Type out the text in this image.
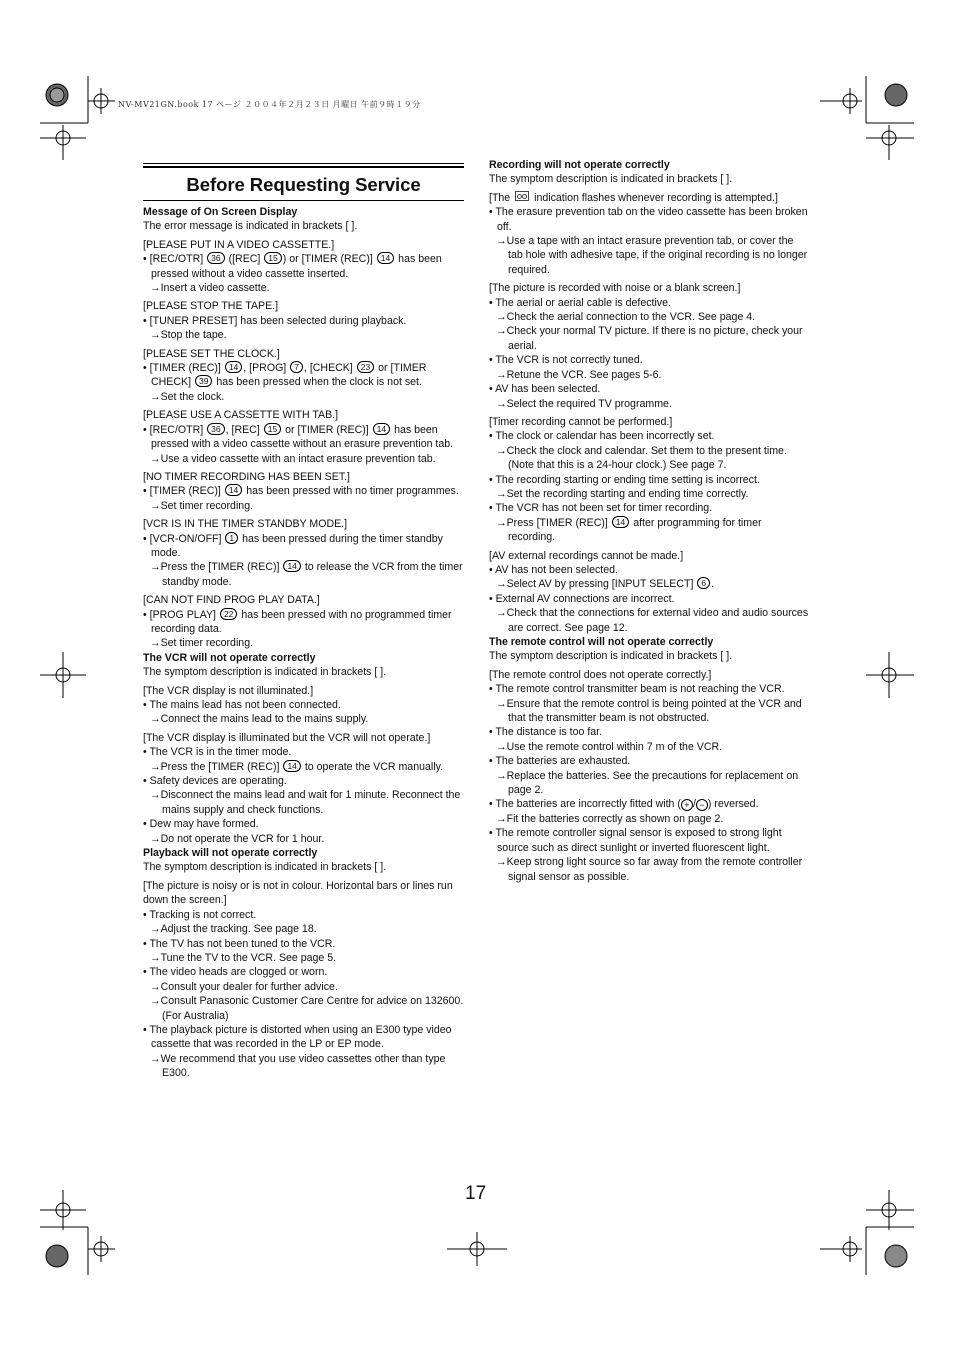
NV-MV21GN.book 17 ページ ２００４年２月２３日 月曜日 午前９時１９分
Before Requesting Service
Message of On Screen Display
The error message is indicated in brackets [ ].
[PLEASE PUT IN A VIDEO CASSETTE.]
• [REC/OTR] 36 ([REC] 15 ) or [TIMER (REC)] 14 has been pressed without a video cassette inserted.
→Insert a video cassette.
[PLEASE STOP THE TAPE.]
• [TUNER PRESET] has been selected during playback.
→Stop the tape.
[PLEASE SET THE CLOCK.]
• [TIMER (REC)] 14 , [PROG] 7 , [CHECK] 23 or [TIMER CHECK] 39 has been pressed when the clock is not set.
→Set the clock.
[PLEASE USE A CASSETTE WITH TAB.]
• [REC/OTR] 36 , [REC] 15 or [TIMER (REC)] 14 has been pressed with a video cassette without an erasure prevention tab.
→Use a video cassette with an intact erasure prevention tab.
[NO TIMER RECORDING HAS BEEN SET.]
• [TIMER (REC)] 14 has been pressed with no timer programmes.
→Set timer recording.
[VCR IS IN THE TIMER STANDBY MODE.]
• [VCR-ON/OFF] 1 has been pressed during the timer standby mode.
→Press the [TIMER (REC)] 14 to release the VCR from the timer standby mode.
[CAN NOT FIND PROG PLAY DATA.]
• [PROG PLAY] 22 has been pressed with no programmed timer recording data.
→Set timer recording.
The VCR will not operate correctly
The symptom description is indicated in brackets [ ].
[The VCR display is not illuminated.]
• The mains lead has not been connected.
→Connect the mains lead to the mains supply.
[The VCR display is illuminated but the VCR will not operate.]
• The VCR is in the timer mode.
→Press the [TIMER (REC)] 14 to operate the VCR manually.
• Safety devices are operating.
→Disconnect the mains lead and wait for 1 minute. Reconnect the mains supply and check functions.
• Dew may have formed.
→Do not operate the VCR for 1 hour.
Playback will not operate correctly
The symptom description is indicated in brackets [ ].
[The picture is noisy or is not in colour. Horizontal bars or lines run down the screen.]
• Tracking is not correct.
→Adjust the tracking. See page 18.
• The TV has not been tuned to the VCR.
→Tune the TV to the VCR. See page 5.
• The video heads are clogged or worn.
→Consult your dealer for further advice.
→Consult Panasonic Customer Care Centre for advice on 132600. (For Australia)
• The playback picture is distorted when using an E300 type video cassette that was recorded in the LP or EP mode.
→We recommend that you use video cassettes other than type E300.
Recording will not operate correctly
The symptom description is indicated in brackets [ ].
[The  indication flashes whenever recording is attempted.]
• The erasure prevention tab on the video cassette has been broken off.
→Use a tape with an intact erasure prevention tab, or cover the tab hole with adhesive tape, if the original recording is no longer required.
[The picture is recorded with noise or a blank screen.]
• The aerial or aerial cable is defective.
→Check the aerial connection to the VCR. See page 4.
→Check your normal TV picture. If there is no picture, check your aerial.
• The VCR is not correctly tuned.
→Retune the VCR. See pages 5-6.
• AV has been selected.
→Select the required TV programme.
[Timer recording cannot be performed.]
• The clock or calendar has been incorrectly set.
→Check the clock and calendar. Set them to the present time. (Note that this is a 24-hour clock.) See page 7.
• The recording starting or ending time setting is incorrect.
→Set the recording starting and ending time correctly.
• The VCR has not been set for timer recording.
→Press [TIMER (REC)] 14 after programming for timer recording.
[AV external recordings cannot be made.]
• AV has not been selected.
→Select AV by pressing [INPUT SELECT] 6 .
• External AV connections are incorrect.
→Check that the connections for external video and audio sources are correct. See page 12.
The remote control will not operate correctly
The symptom description is indicated in brackets [ ].
[The remote control does not operate correctly.]
• The remote control transmitter beam is not reaching the VCR.
→Ensure that the remote control is being pointed at the VCR and that the transmitter beam is not obstructed.
• The distance is too far.
→Use the remote control within 7 m of the VCR.
• The batteries are exhausted.
→Replace the batteries. See the precautions for replacement on page 2.
• The batteries are incorrectly fitted with ( + / − ) reversed.
→Fit the batteries correctly as shown on page 2.
• The remote controller signal sensor is exposed to strong light source such as direct sunlight or inverted fluorescent light.
→Keep strong light source so far away from the remote controller signal sensor as possible.
17
